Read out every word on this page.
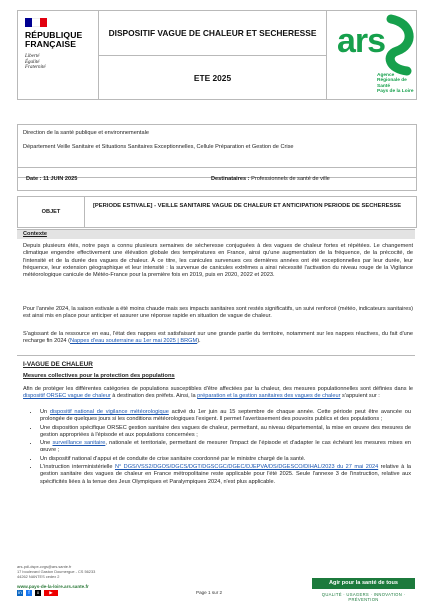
RÉPUBLIQUE
FRANÇAISE
Liberté
Égalité
Fraternité
DISPOSITIF VAGUE DE CHALEUR ET SECHERESSE
ETE 2025
ars
Agence Régionale de Santé
Pays de la Loire

Direction de la santé publique et environnementale

Département Veille Sanitaire et Situations Sanitaires Exceptionnelles, Cellule Préparation et Gestion de Crise

Date : 11 JUIN 2025	Destinataires : Professionnels de santé de ville
OBJET
[PERIODE ESTIVALE] - VEILLE SANITAIRE VAGUE DE CHALEUR ET ANTICIPATION PERIODE DE SECHERESSE
Contexte
Depuis plusieurs étés, notre pays a connu plusieurs semaines de sécheresse conjuguées à des vagues de chaleur fortes et répétées. Le changement climatique engendre effectivement une élévation globale des températures en France, ainsi qu'une augmentation de la fréquence, de la précocité, de l'intensité et de la durée des vagues de chaleur. À ce titre, les canicules survenues ces dernières années ont été exceptionnelles par leur durée, leur fréquence, leur extension géographique et leur intensité : la survenue de canicules extrêmes a ainsi nécessité l'activation du niveau rouge de la Vigilance météorologique canicule de Météo-France pour la première fois en 2019, puis en 2020, 2022 et 2023.
Pour l'année 2024, la saison estivale a été moins chaude mais ses impacts sanitaires sont restés significatifs, un suivi renforcé (météo, indicateurs sanitaires) est ainsi mis en place pour anticiper et assurer une réponse rapide en situation de vague de chaleur.
S'agissant de la ressource en eau, l'état des nappes est satisfaisant sur une grande partie du territoire, notamment sur les nappes réactives, du fait d'une recharge fin 2024 (Nappes d'eau souterraine au 1er mai 2025 | BRGM).
I-VAGUE DE CHALEUR
Mesures collectives pour la protection des populations
Afin de protéger les différentes catégories de populations susceptibles d'être affectées par la chaleur, des mesures populationnelles sont définies dans le dispositif ORSEC vague de chaleur à destination des préfets. Ainsi, la préparation et la gestion sanitaires des vagues de chaleur s'appuient sur :
• Un dispositif national de vigilance météorologique activé du 1er juin au 15 septembre de chaque année. Cette période peut être avancée ou prolongée de quelques jours si les conditions météorologiques l'exigent. Il permet l'avertissement des pouvoirs publics et des populations ;
• Une disposition spécifique ORSEC gestion sanitaire des vagues de chaleur, permettant, au niveau départemental, la mise en œuvre des mesures de gestion appropriées à l'épisode et aux populations concernées ;
• Une surveillance sanitaire, nationale et territoriale, permettant de mesurer l'impact de l'épisode et d'adapter le cas échéant les mesures mises en œuvre ;
• Un dispositif national d'appui et de conduite de crise sanitaire coordonné par le ministre chargé de la santé.
• L'instruction interministérielle N° DGS/VSS2/DGOS/DGCS/DGT/DGSCGC/DGEC/DJEPVA/DS/DGESCO/DIHAL/2023 du 27 mai 2024 relative à la gestion sanitaire des vagues de chaleur en France métropolitaine reste applicable pour l'été 2025. Seule l'annexe 3 de l'instruction, relative aux spécificités liées à la tenue des Jeux Olympiques et Paralympiques 2024, n'est plus applicable.
ars-pdl-dspe-cvgs@ars.sante.fr
17 boulevard Gaston Doumergue - CS 56233
44262 NANTES cedex 2
www.pays-de-la-loire.ars.sante.fr
in	f	x	▶	Page 1 sur 2
Agir pour la santé de tous
QUALITÉ · USAGERS · INNOVATION · PRÉVENTION
